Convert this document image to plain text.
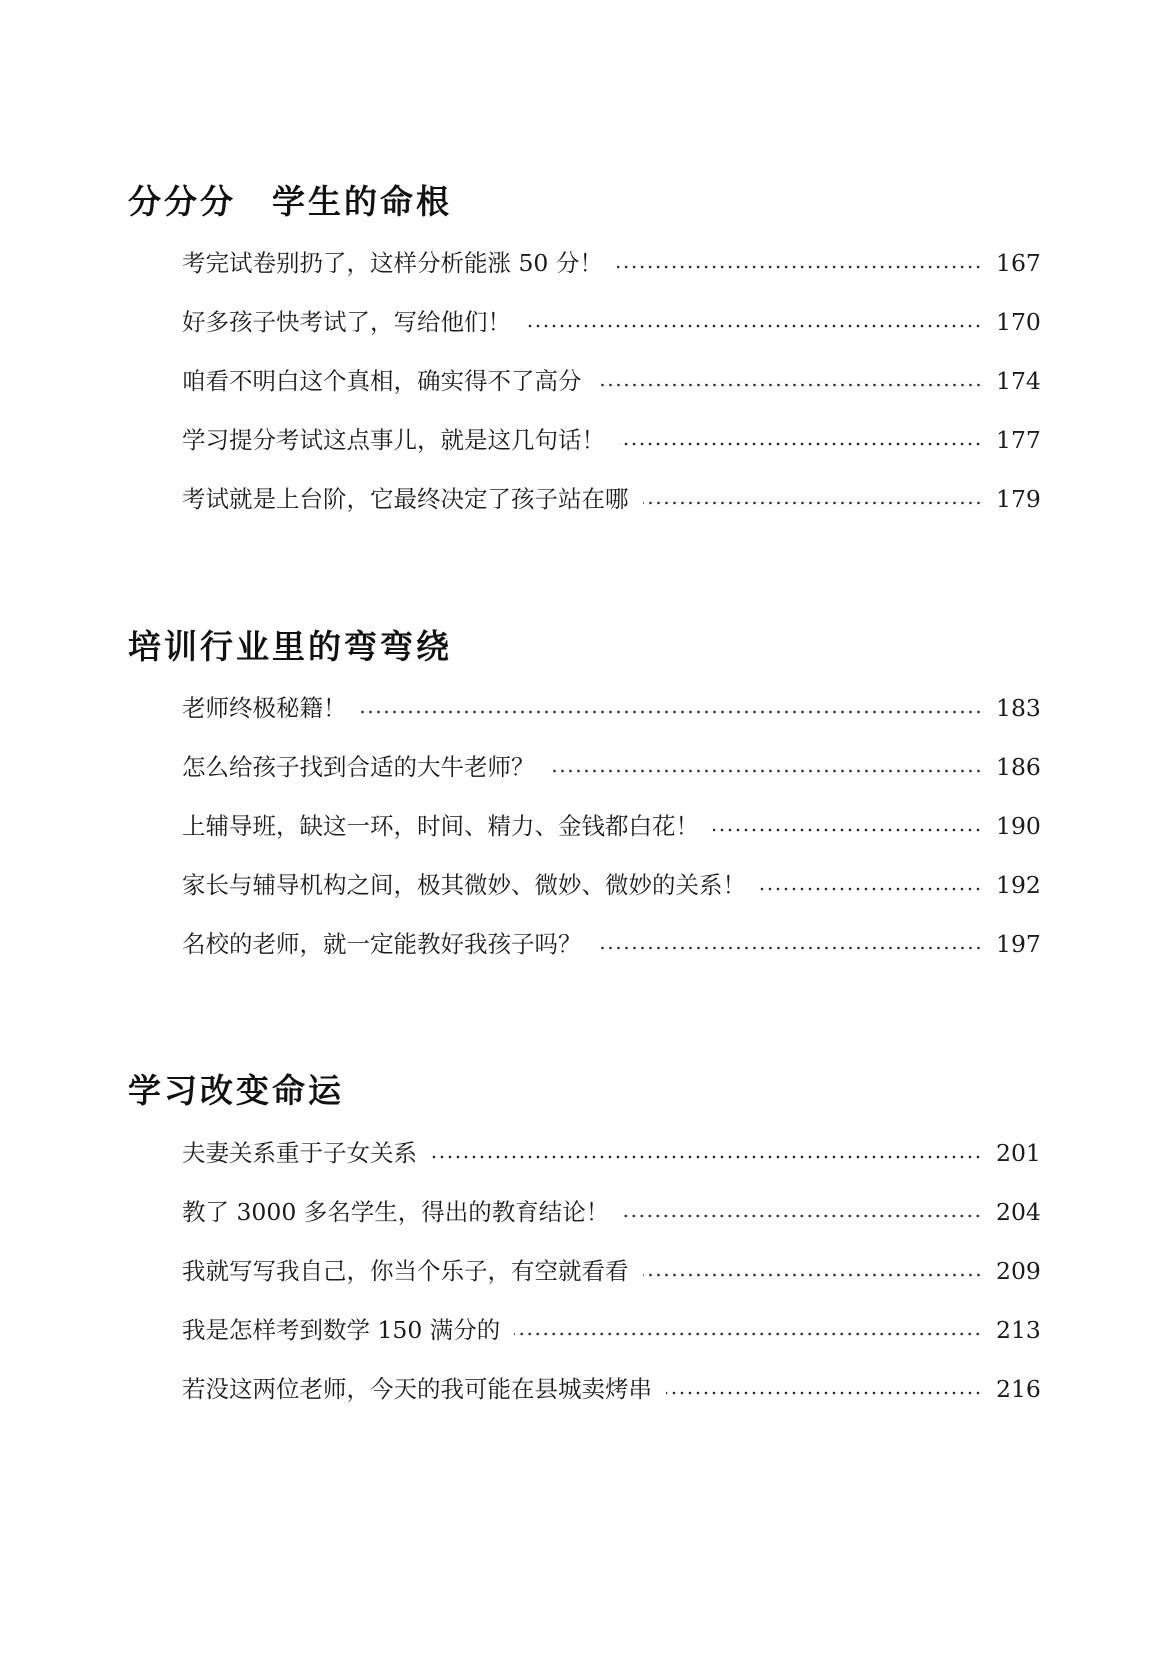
分分分　学生的命根
考完试卷别扔了，这样分析能涨 50 分！	167
好多孩子快考试了，写给他们！	170
咱看不明白这个真相，确实得不了高分	174
学习提分考试这点事儿，就是这几句话！	177
考试就是上台阶，它最终决定了孩子站在哪	179
培训行业里的弯弯绕
老师终极秘籍！	183
怎么给孩子找到合适的大牛老师？	186
上辅导班，缺这一环，时间、精力、金钱都白花！	190
家长与辅导机构之间，极其微妙、微妙、微妙的关系！	192
名校的老师，就一定能教好我孩子吗？	197
学习改变命运
夫妻关系重于子女关系	201
教了 3000 多名学生，得出的教育结论！	204
我就写写我自己，你当个乐子，有空就看看	209
我是怎样考到数学 150 满分的	213
若没这两位老师，今天的我可能在县城卖烤串	216
